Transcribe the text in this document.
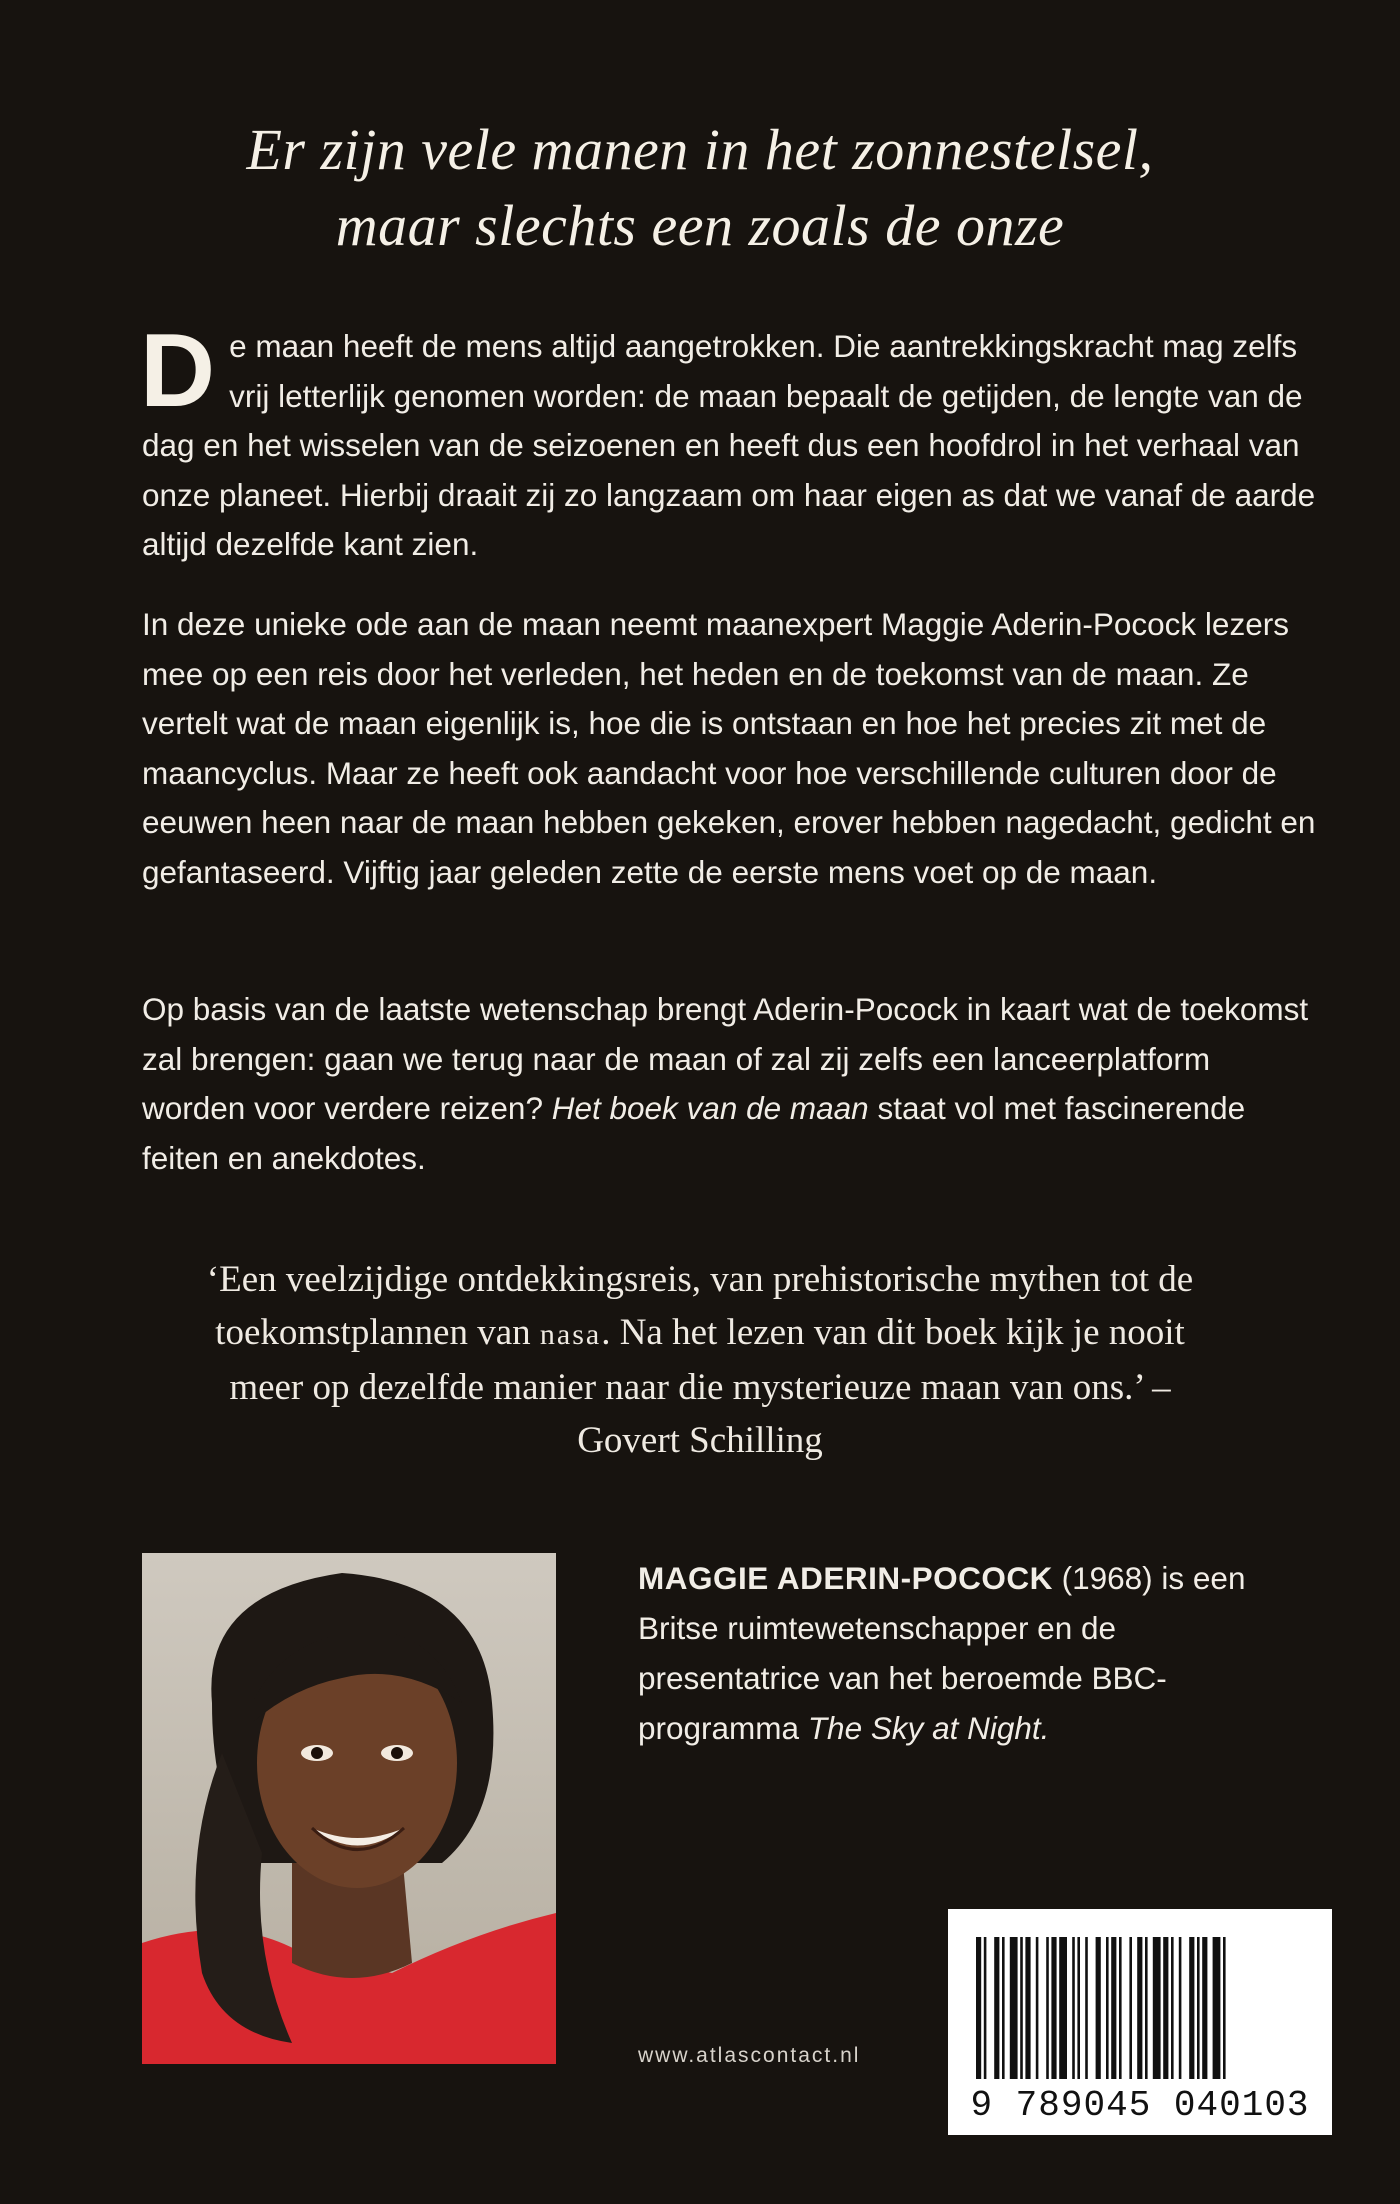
Er zijn vele manen in het zonnestelsel,
maar slechts een zoals de onze

De maan heeft de mens altijd aangetrokken. Die aantrekkingskracht mag zelfs vrij letterlijk genomen worden: de maan bepaalt de getijden, de lengte van de dag en het wisselen van de seizoenen en heeft dus een hoofdrol in het verhaal van onze planeet. Hierbij draait zij zo langzaam om haar eigen as dat we vanaf de aarde altijd dezelfde kant zien.

In deze unieke ode aan de maan neemt maanexpert Maggie Aderin-Pocock lezers mee op een reis door het verleden, het heden en de toekomst van de maan. Ze vertelt wat de maan eigenlijk is, hoe die is ontstaan en hoe het precies zit met de maancyclus. Maar ze heeft ook aandacht voor hoe verschillende culturen door de eeuwen heen naar de maan hebben gekeken, erover hebben nagedacht, gedicht en gefantaseerd. Vijftig jaar geleden zette de eerste mens voet op de maan.

Op basis van de laatste wetenschap brengt Aderin-Pocock in kaart wat de toekomst zal brengen: gaan we terug naar de maan of zal zij zelfs een lanceerplatform worden voor verdere reizen? Het boek van de maan staat vol met fascinerende feiten en anekdotes.

‘Een veelzijdige ontdekkingsreis, van prehistorische mythen tot de toekomstplannen van nasa. Na het lezen van dit boek kijk je nooit meer op dezelfde manier naar die mysterieuze maan van ons.’ – Govert Schilling
MAGGIE ADERIN-POCOCK (1968) is een Britse ruimtewetenschapper en de presentatrice van het beroemde BBC-programma The Sky at Night.
www.atlascontact.nl
9 789045 040103
